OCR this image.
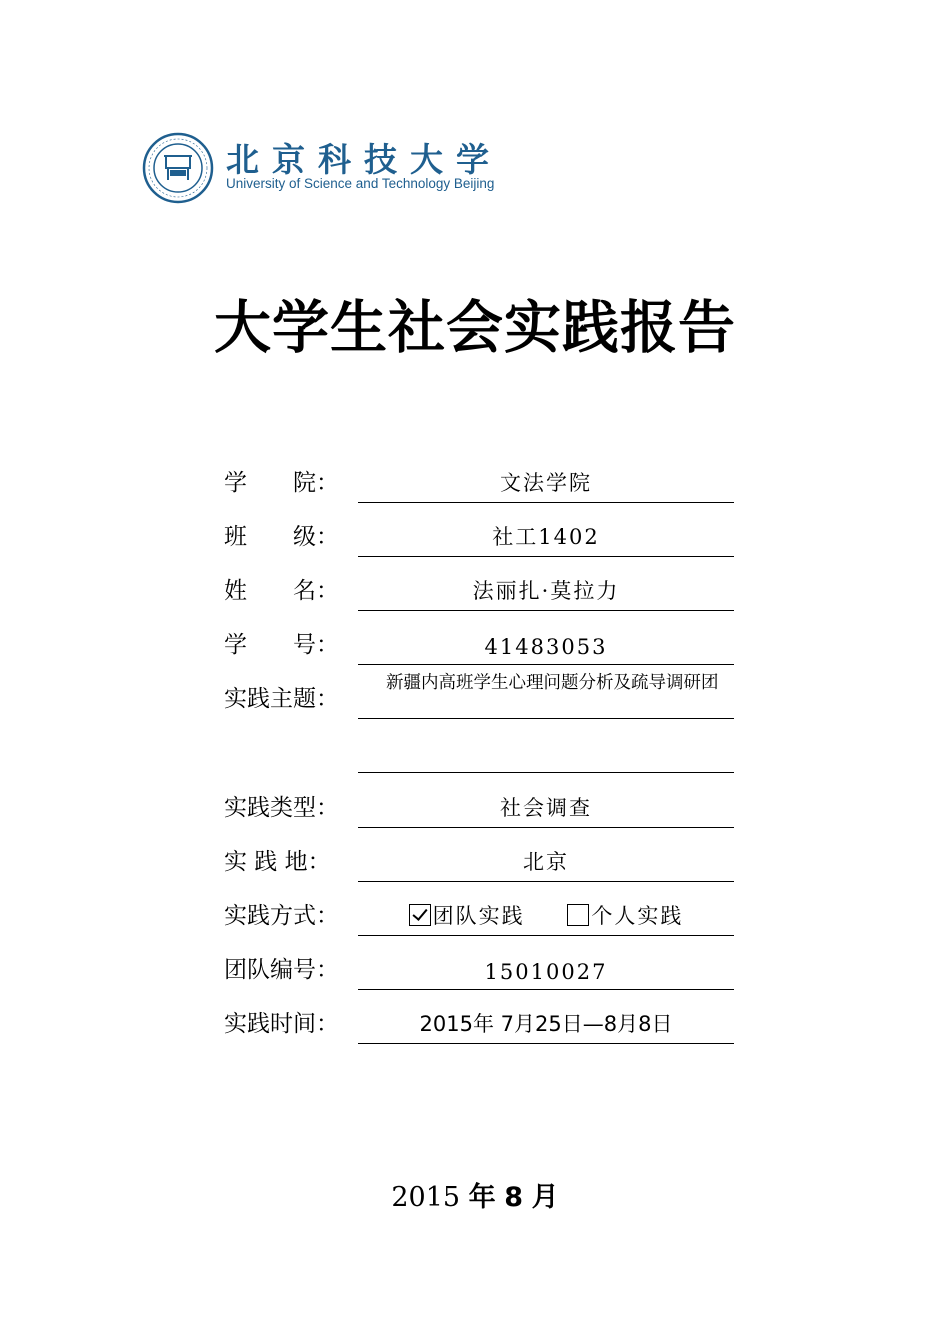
北京科技大学
University of Science and Technology Beijing
大学生社会实践报告
学　　院：	文法学院
班　　级：	社工1402
姓　　名：	法丽扎·莫拉力
学　　号：	41483053
实践主题：
新疆内高班学生心理问题分析及疏导调研团
实践类型：	社会调查
实 践 地：	北京
实践方式：	团队实践	个人实践
团队编号：	15010027
实践时间：	2015年 7月25日—8月8日
2015 年 8 月
